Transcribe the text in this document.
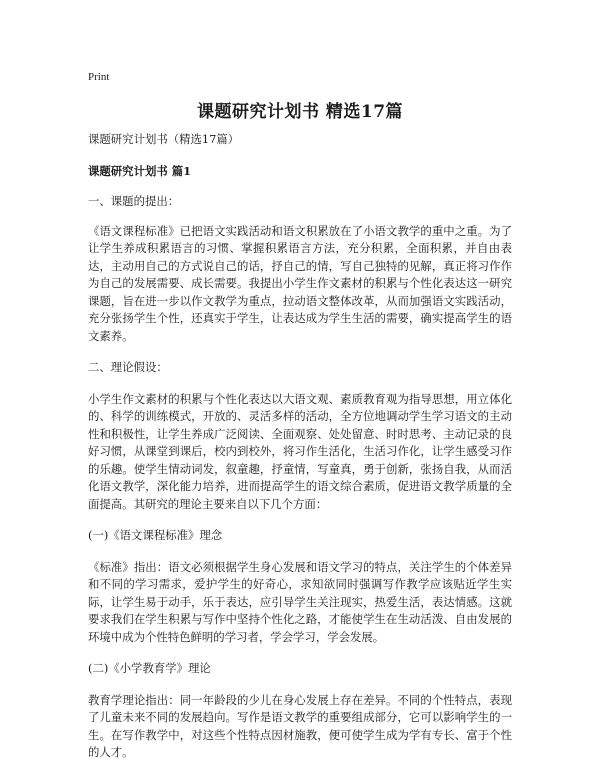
Print
课题研究计划书 精选17篇

课题研究计划书（精选17篇）

课题研究计划书 篇1

一、课题的提出：

《语文课程标准》已把语文实践活动和语文积累放在了小语文教学的重中之重。为了让学生养成积累语言的习惯、掌握积累语言方法，充分积累，全面积累，并自由表达，主动用自己的方式说自己的话，抒自己的情，写自己独特的见解，真正将习作作为自己的发展需要、成长需要。我提出小学生作文素材的积累与个性化表达这一研究课题，旨在进一步以作文教学为重点，拉动语文整体改革，从而加强语文实践活动，充分张扬学生个性，还真实于学生，让表达成为学生生活的需要，确实提高学生的语文素养。

二、理论假设：

小学生作文素材的积累与个性化表达以大语文观、素质教育观为指导思想，用立体化的、科学的训练模式，开放的、灵活多样的活动，全方位地调动学生学习语文的主动性和积极性，让学生养成广泛阅读、全面观察、处处留意、时时思考、主动记录的良好习惯，从课堂到课后，校内到校外，将习作生活化，生活习作化，让学生感受习作的乐趣。使学生情动词发，叙童趣，抒童情，写童真，勇于创新，张扬自我，从而活化语文教学，深化能力培养，进而提高学生的语文综合素质，促进语文教学质量的全面提高。其研究的理论主要来自以下几个方面：

(一)《语文课程标准》理念

《标准》指出：语文必须根据学生身心发展和语文学习的特点，关注学生的个体差异和不同的学习需求，爱护学生的好奇心，求知欲同时强调写作教学应该贴近学生实际，让学生易于动手，乐于表达，应引导学生关注现实，热爱生活，表达情感。这就要求我们在学生积累与写作中坚持个性化之路，才能使学生在生动活泼、自由发展的环境中成为个性特色鲜明的学习者，学会学习，学会发展。

(二)《小学教育学》理论

教育学理论指出：同一年龄段的少儿在身心发展上存在差异。不同的个性特点，表现了儿童未来不同的发展趋向。写作是语文教学的重要组成部分，它可以影响学生的一生。在写作教学中，对这些个性特点因材施教，便可使学生成为学有专长、富于个性的人才。
